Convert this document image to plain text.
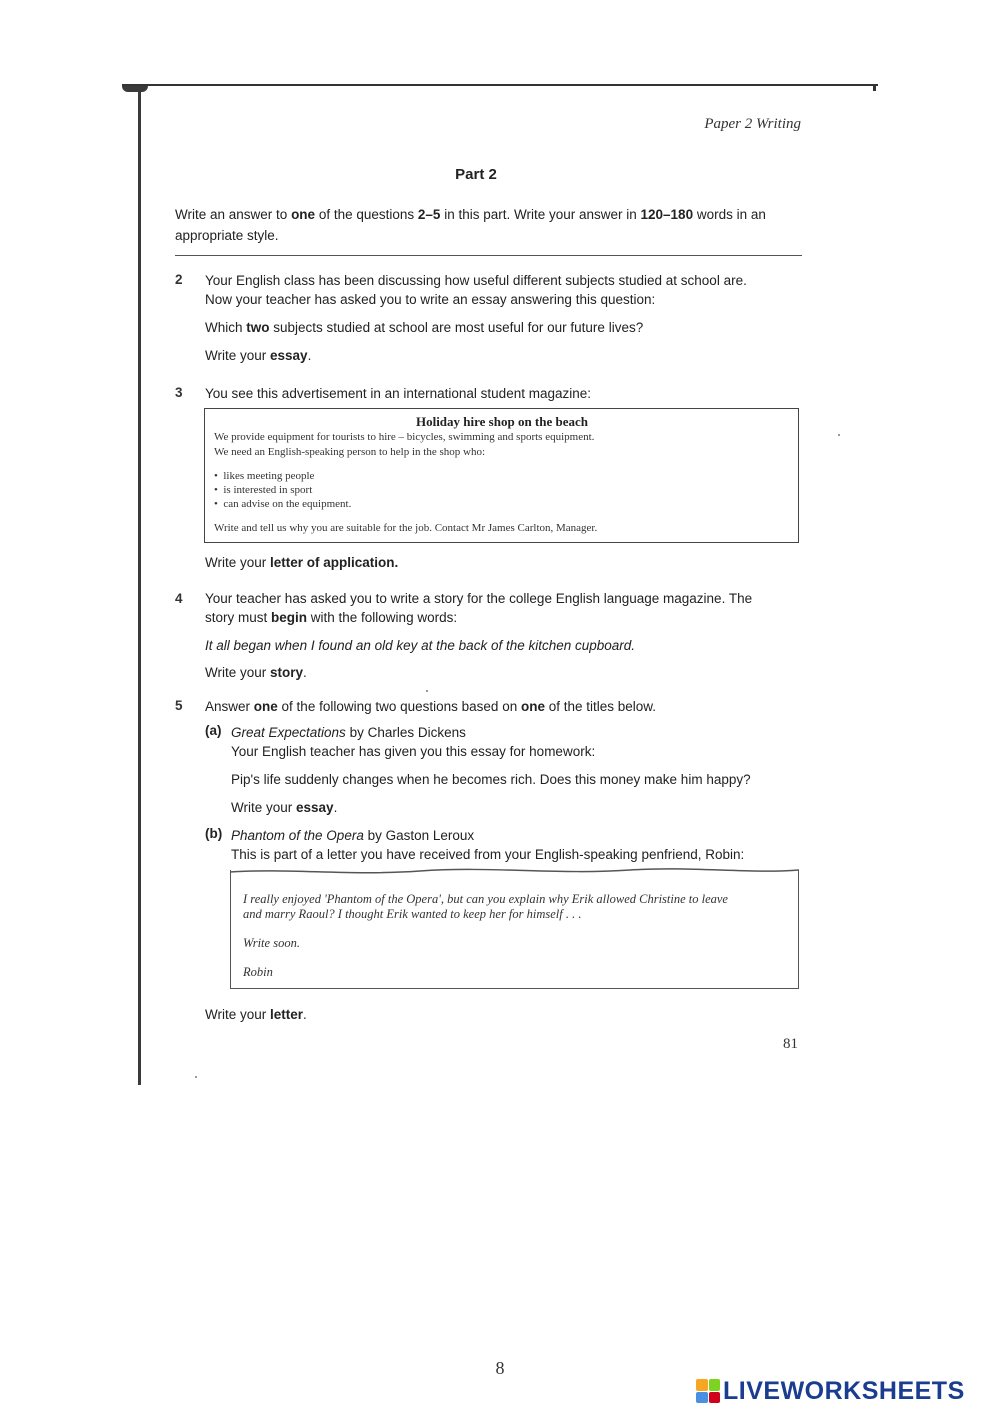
Paper 2 Writing
Part 2
Write an answer to one of the questions 2–5 in this part. Write your answer in 120–180 words in an appropriate style.
2 Your English class has been discussing how useful different subjects studied at school are.
Now your teacher has asked you to write an essay answering this question:
Which two subjects studied at school are most useful for our future lives?
Write your essay.
3 You see this advertisement in an international student magazine:
Holiday hire shop on the beach
We provide equipment for tourists to hire – bicycles, swimming and sports equipment.
We need an English-speaking person to help in the shop who:
•  likes meeting people
•  is interested in sport
•  can advise on the equipment.
Write and tell us why you are suitable for the job. Contact Mr James Carlton, Manager.
Write your letter of application.
4 Your teacher has asked you to write a story for the college English language magazine. The
story must begin with the following words:
It all began when I found an old key at the back of the kitchen cupboard.
Write your story.
5 Answer one of the following two questions based on one of the titles below.
(a) Great Expectations by Charles Dickens
Your English teacher has given you this essay for homework:
Pip's life suddenly changes when he becomes rich. Does this money make him happy?
Write your essay.
(b) Phantom of the Opera by Gaston Leroux
This is part of a letter you have received from your English-speaking penfriend, Robin:
I really enjoyed 'Phantom of the Opera', but can you explain why Erik allowed Christine to leave
and marry Raoul? I thought Erik wanted to keep her for himself . . .
Write soon.
Robin
Write your letter.
81
8
LIVEWORKSHEETS
